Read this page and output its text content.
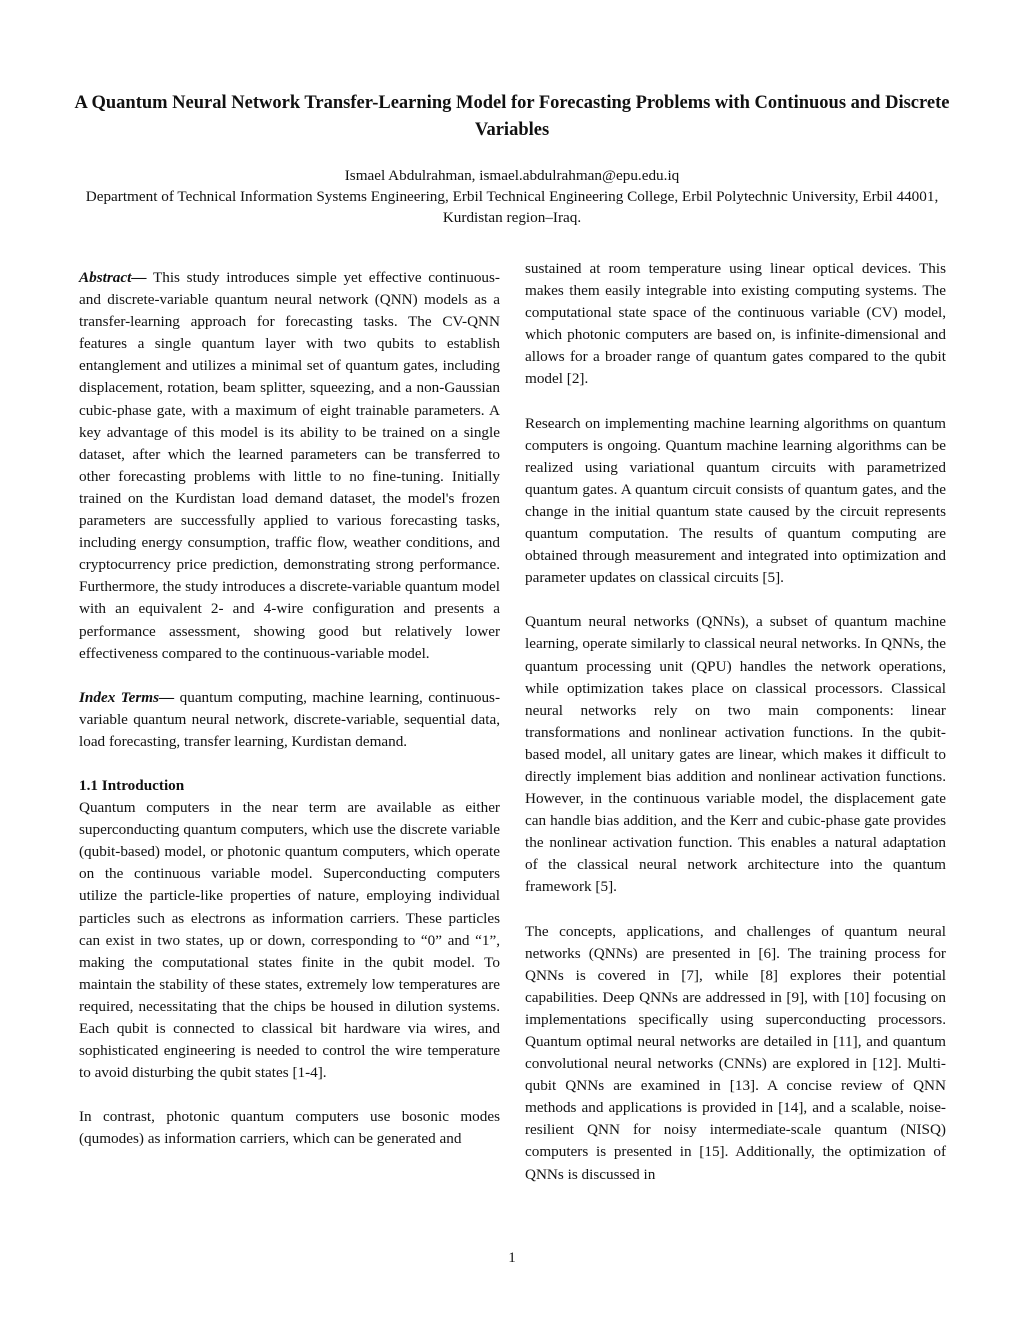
A Quantum Neural Network Transfer-Learning Model for Forecasting Problems with Continuous and Discrete Variables
Ismael Abdulrahman, ismael.abdulrahman@epu.edu.iq
Department of Technical Information Systems Engineering, Erbil Technical Engineering College, Erbil Polytechnic University, Erbil 44001, Kurdistan region–Iraq.

Abstract— This study introduces simple yet effective continuous- and discrete-variable quantum neural network (QNN) models as a transfer-learning approach for forecasting tasks. The CV-QNN features a single quantum layer with two qubits to establish entanglement and utilizes a minimal set of quantum gates, including displacement, rotation, beam splitter, squeezing, and a non-Gaussian cubic-phase gate, with a maximum of eight trainable parameters. A key advantage of this model is its ability to be trained on a single dataset, after which the learned parameters can be transferred to other forecasting problems with little to no fine-tuning. Initially trained on the Kurdistan load demand dataset, the model's frozen parameters are successfully applied to various forecasting tasks, including energy consumption, traffic flow, weather conditions, and cryptocurrency price prediction, demonstrating strong performance. Furthermore, the study introduces a discrete-variable quantum model with an equivalent 2- and 4-wire configuration and presents a performance assessment, showing good but relatively lower effectiveness compared to the continuous-variable model.

Index Terms— quantum computing, machine learning, continuous-variable quantum neural network, discrete-variable, sequential data, load forecasting, transfer learning, Kurdistan demand.

1.1 Introduction

Quantum computers in the near term are available as either superconducting quantum computers, which use the discrete variable (qubit-based) model, or photonic quantum computers, which operate on the continuous variable model. Superconducting computers utilize the particle-like properties of nature, employing individual particles such as electrons as information carriers. These particles can exist in two states, up or down, corresponding to “0” and “1”, making the computational states finite in the qubit model. To maintain the stability of these states, extremely low temperatures are required, necessitating that the chips be housed in dilution systems. Each qubit is connected to classical bit hardware via wires, and sophisticated engineering is needed to control the wire temperature to avoid disturbing the qubit states [1-4].

In contrast, photonic quantum computers use bosonic modes (qumodes) as information carriers, which can be generated and

sustained at room temperature using linear optical devices. This makes them easily integrable into existing computing systems. The computational state space of the continuous variable (CV) model, which photonic computers are based on, is infinite-dimensional and allows for a broader range of quantum gates compared to the qubit model [2].

Research on implementing machine learning algorithms on quantum computers is ongoing. Quantum machine learning algorithms can be realized using variational quantum circuits with parametrized quantum gates. A quantum circuit consists of quantum gates, and the change in the initial quantum state caused by the circuit represents quantum computation. The results of quantum computing are obtained through measurement and integrated into optimization and parameter updates on classical circuits [5].

Quantum neural networks (QNNs), a subset of quantum machine learning, operate similarly to classical neural networks. In QNNs, the quantum processing unit (QPU) handles the network operations, while optimization takes place on classical processors. Classical neural networks rely on two main components: linear transformations and nonlinear activation functions. In the qubit-based model, all unitary gates are linear, which makes it difficult to directly implement bias addition and nonlinear activation functions. However, in the continuous variable model, the displacement gate can handle bias addition, and the Kerr and cubic-phase gate provides the nonlinear activation function. This enables a natural adaptation of the classical neural network architecture into the quantum framework [5].

The concepts, applications, and challenges of quantum neural networks (QNNs) are presented in [6]. The training process for QNNs is covered in [7], while [8] explores their potential capabilities. Deep QNNs are addressed in [9], with [10] focusing on implementations specifically using superconducting processors. Quantum optimal neural networks are detailed in [11], and quantum convolutional neural networks (CNNs) are explored in [12]. Multi-qubit QNNs are examined in [13]. A concise review of QNN methods and applications is provided in [14], and a scalable, noise-resilient QNN for noisy intermediate-scale quantum (NISQ) computers is presented in [15]. Additionally, the optimization of QNNs is discussed in

1
